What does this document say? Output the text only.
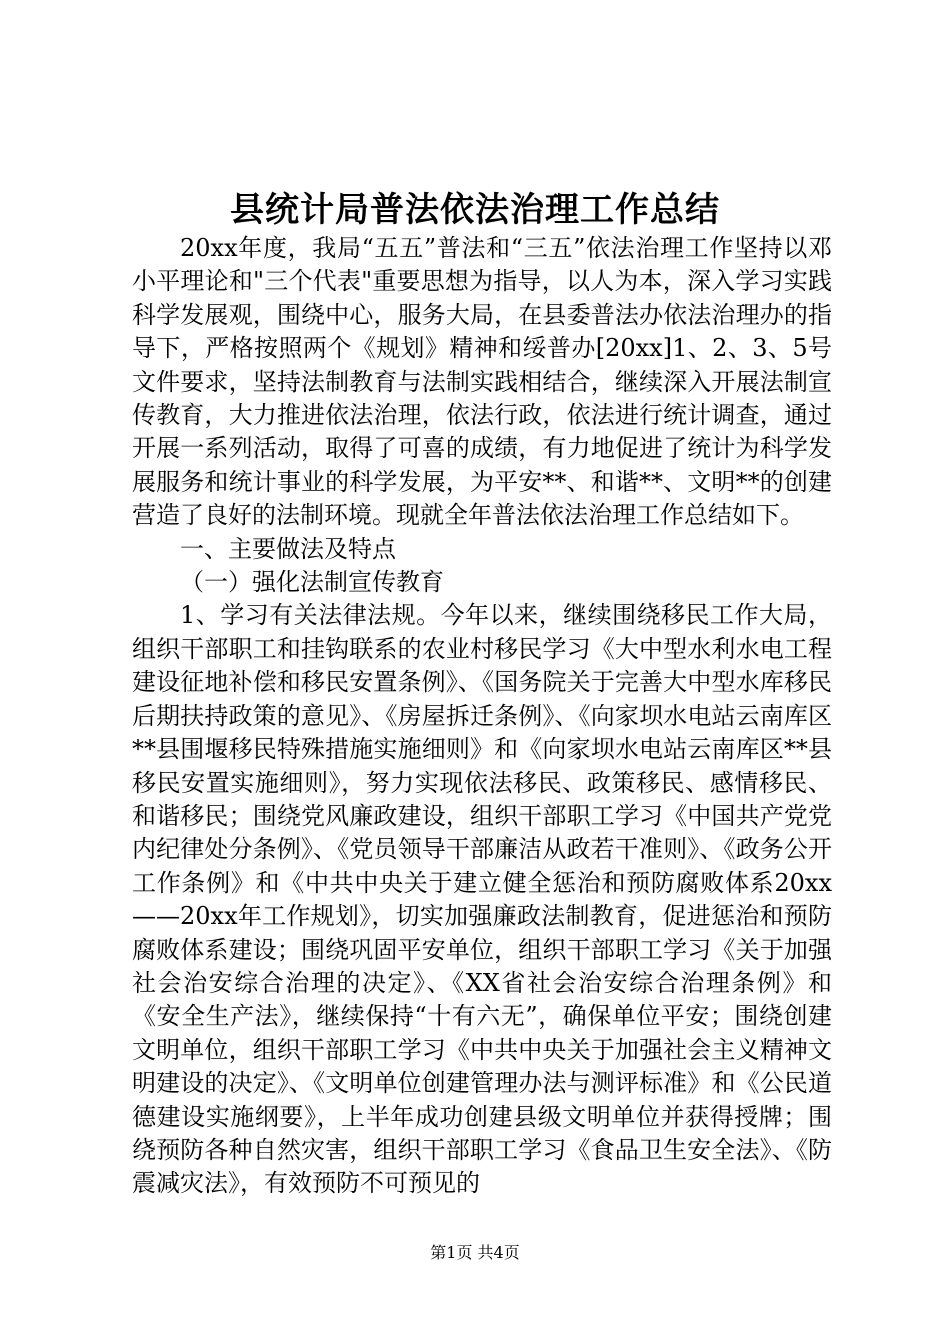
县统计局普法依法治理工作总结

20xx年度，我局“五五”普法和“三五”依法治理工作坚持以邓小平理论和"三个代表"重要思想为指导，以人为本，深入学习实践科学发展观，围绕中心，服务大局，在县委普法办依法治理办的指导下，严格按照两个《规划》精神和绥普办[20xx]1、2、3、5号文件要求，坚持法制教育与法制实践相结合，继续深入开展法制宣传教育，大力推进依法治理，依法行政，依法进行统计调查，通过开展一系列活动，取得了可喜的成绩，有力地促进了统计为科学发展服务和统计事业的科学发展，为平安**、和谐**、文明**的创建营造了良好的法制环境。现就全年普法依法治理工作总结如下。

一、主要做法及特点

（一）强化法制宣传教育

1、学习有关法律法规。今年以来，继续围绕移民工作大局，组织干部职工和挂钩联系的农业村移民学习《大中型水利水电工程建设征地补偿和移民安置条例》、《国务院关于完善大中型水库移民后期扶持政策的意见》、《房屋拆迁条例》、《向家坝水电站云南库区**县围堰移民特殊措施实施细则》和《向家坝水电站云南库区**县移民安置实施细则》，努力实现依法移民、政策移民、感情移民、和谐移民；围绕党风廉政建设，组织干部职工学习《中国共产党党内纪律处分条例》、《党员领导干部廉洁从政若干准则》、《政务公开工作条例》和《中共中央关于建立健全惩治和预防腐败体系20xx——20xx年工作规划》，切实加强廉政法制教育，促进惩治和预防腐败体系建设；围绕巩固平安单位，组织干部职工学习《关于加强社会治安综合治理的决定》、《XX省社会治安综合治理条例》和《安全生产法》，继续保持“十有六无”，确保单位平安；围绕创建文明单位，组织干部职工学习《中共中央关于加强社会主义精神文明建设的决定》、《文明单位创建管理办法与测评标准》和《公民道德建设实施纲要》，上半年成功创建县级文明单位并获得授牌；围绕预防各种自然灾害，组织干部职工学习《食品卫生安全法》、《防震减灾法》，有效预防不可预见的

第1页 共4页
